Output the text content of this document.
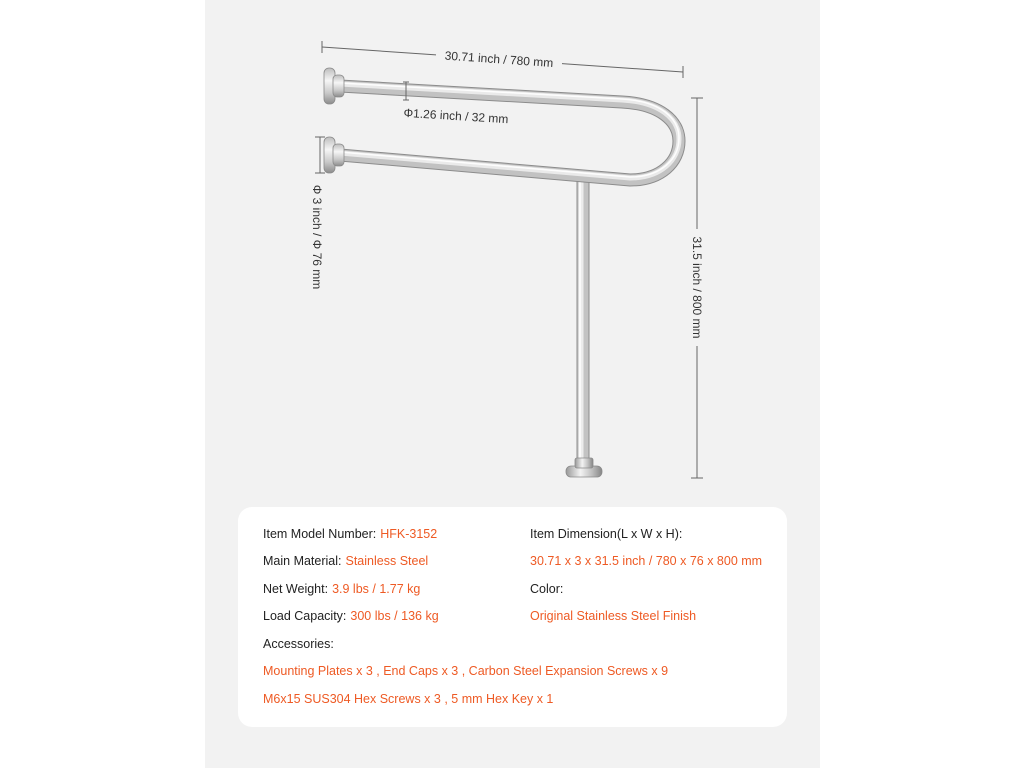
30.71 inch / 780 mm
Φ1.26 inch / 32 mm
Φ 3 inch / Φ 76 mm	31.5 inch / 800 mm
Item Model Number: HFK-3152
Main Material: Stainless Steel
Net Weight: 3.9 lbs / 1.77 kg
Load Capacity: 300 lbs / 136 kg
Accessories:
Mounting Plates x 3 , End Caps x 3 , Carbon Steel Expansion Screws x 9
M6x15 SUS304 Hex Screws x 3 , 5 mm Hex Key x 1
Item Dimension(L x W x H):
30.71 x 3 x 31.5 inch / 780 x 76 x 800 mm
Color:
Original Stainless Steel Finish
